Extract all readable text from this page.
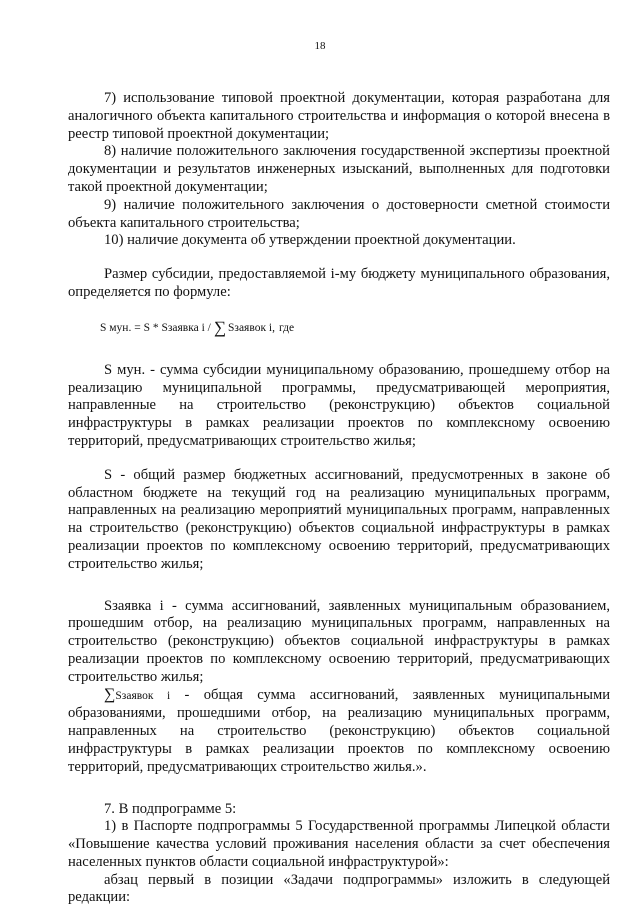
18

7) использование типовой проектной документации, которая разработана для аналогичного объекта капитального строительства и информация о которой внесена в реестр типовой проектной документации;

8) наличие положительного заключения государственной экспертизы проектной документации и результатов инженерных изысканий, выполненных для подготовки такой проектной документации;

9) наличие положительного заключения о достоверности сметной стоимости объекта капитального строительства;

10) наличие документа об утверждении проектной документации.

Размер субсидии, предоставляемой i-му бюджету муниципального образования, определяется по формуле:

S мун. = S * Sзаявка i / ∑ Sзаявок i, где

S мун. - сумма субсидии муниципальному образованию, прошедшему отбор на реализацию муниципальной программы, предусматривающей мероприятия, направленные на строительство (реконструкцию) объектов социальной инфраструктуры в рамках реализации проектов по комплексному освоению территорий, предусматривающих строительство жилья;

S - общий размер бюджетных ассигнований, предусмотренных в законе об областном бюджете на текущий год на реализацию муниципальных программ, направленных на реализацию мероприятий муниципальных программ, направленных на строительство (реконструкцию) объектов социальной инфраструктуры в рамках реализации проектов по комплексному освоению территорий, предусматривающих строительство жилья;

Sзаявка i - сумма ассигнований, заявленных муниципальным образованием, прошедшим отбор, на реализацию муниципальных программ, направленных на строительство (реконструкцию) объектов социальной инфраструктуры в рамках реализации проектов по комплексному освоению территорий, предусматривающих строительство жилья;

∑Sзаявок i - общая сумма ассигнований, заявленных муниципальными образованиями, прошедшими отбор, на реализацию муниципальных программ, направленных на строительство (реконструкцию) объектов социальной инфраструктуры в рамках реализации проектов по комплексному освоению территорий, предусматривающих строительство жилья.».

7. В подпрограмме 5:

1) в Паспорте подпрограммы 5 Государственной программы Липецкой области «Повышение качества условий проживания населения области за счет обеспечения населенных пунктов области социальной инфраструктурой»:

абзац первый в позиции «Задачи подпрограммы» изложить в следующей редакции:
